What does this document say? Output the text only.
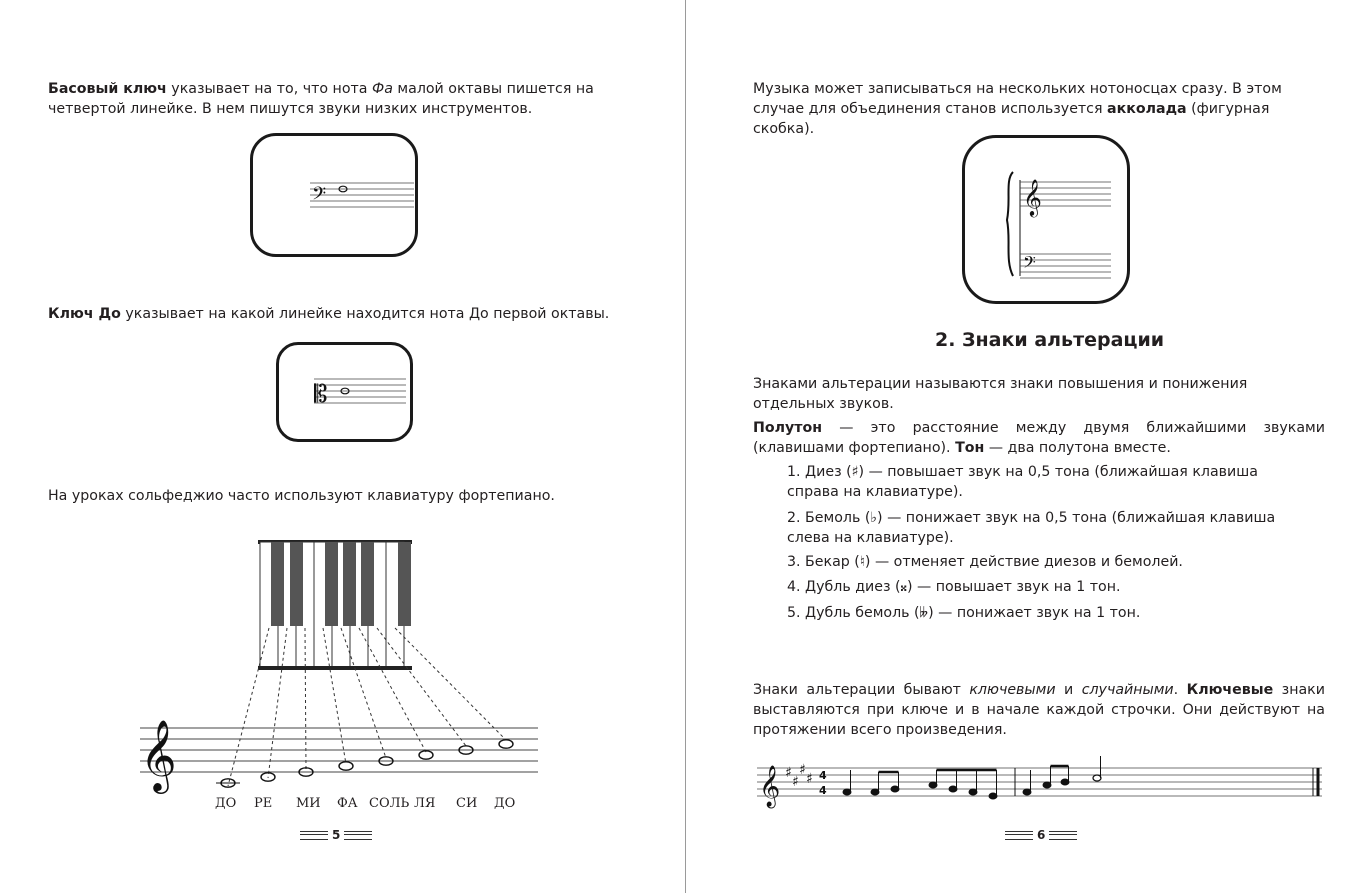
Басовый ключ указывает на то, что нота Фа малой октавы пишется на четвертой линейке. В нем пишутся звуки низких инструментов.

𝄢

Ключ До указывает на какой линейке находится нота До первой октавы.

𝄡

На уроках сольфеджио часто используют клавиатуру фортепиано.

𝄞
ДО РЕ МИ ФА СОЛЬ ЛЯ СИ ДО
5

Музыка может записываться на нескольких нотоносцах сразу. В этом случае для объединения станов используется акколада (фигурная скобка).

𝄞
𝄢
2. Знаки альтерации

Знаками альтерации называются знаки повышения и понижения отдельных звуков.

Полутон — это расстояние между двумя ближайшими звуками (клавишами фортепиано). Тон — два полутона вместе.

1. Диез (♯) — повышает звук на 0,5 тона (ближайшая клавиша справа на клавиатуре).
2. Бемоль (♭) — понижает звук на 0,5 тона (ближайшая клавиша слева на клавиатуре).
3. Бекар (♮) — отменяет действие диезов и бемолей.
4. Дубль диез (𝄪) — повышает звук на 1 тон.
5. Дубль бемоль (𝄫) — понижает звук на 1 тон.

Знаки альтерации бывают ключевыми и случайными. Ключевые знаки выставляются при ключе и в начале каждой строчки. Они действуют на протяжении всего произведения.

𝄞 ♯
♯
♯
♯ 4
4
6
